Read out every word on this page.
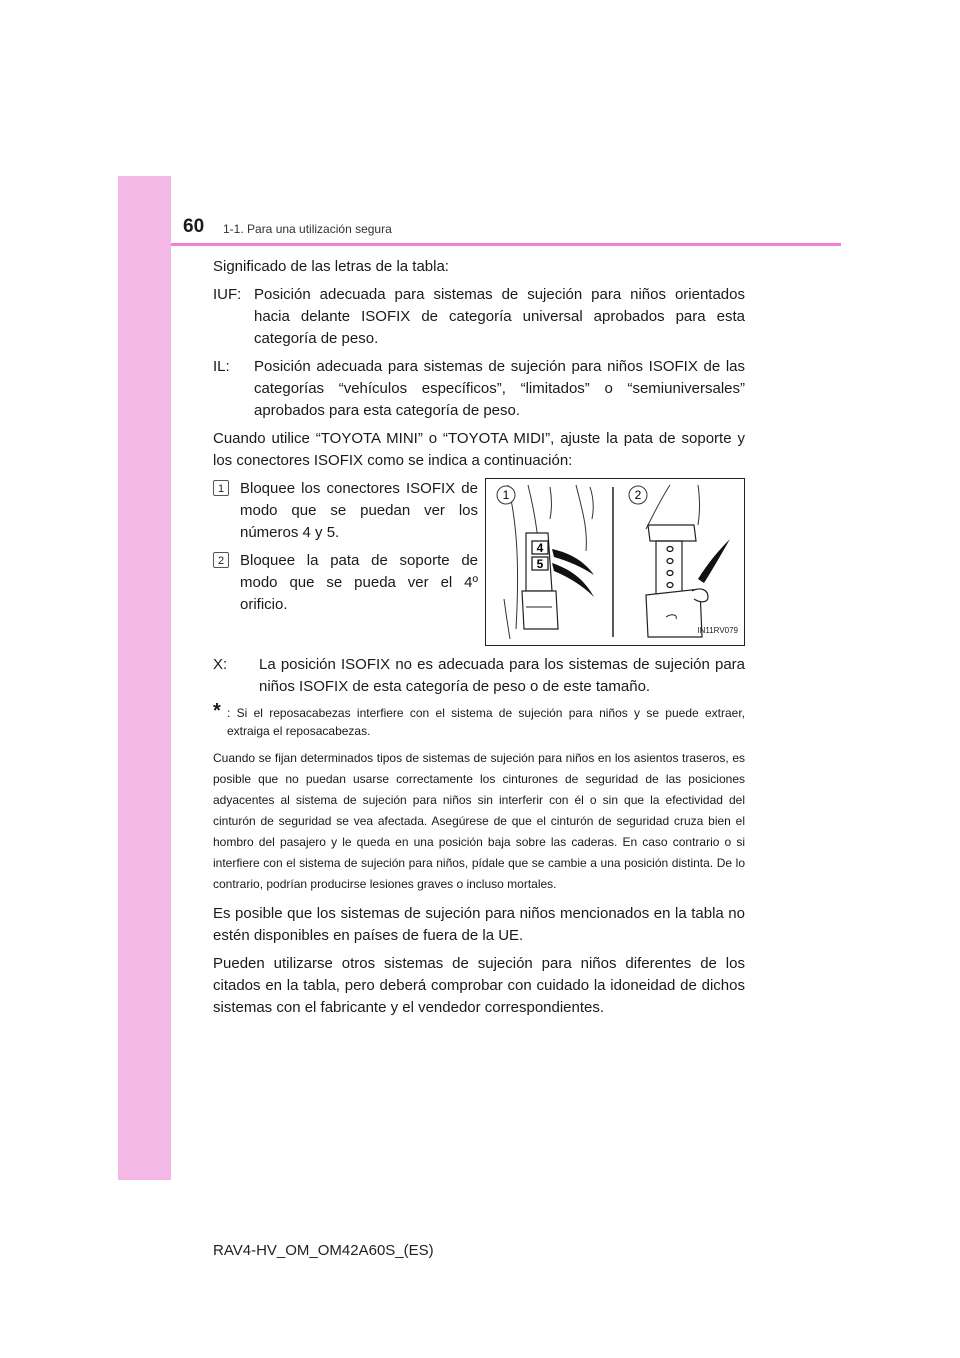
60 1-1. Para una utilización segura

Significado de las letras de la tabla:

IUF: Posición adecuada para sistemas de sujeción para niños orientados hacia delante ISOFIX de categoría universal aprobados para esta categoría de peso.
IL:	Posición adecuada para sistemas de sujeción para niños ISOFIX de las categorías “vehículos específicos”, “limitados” o “semiuniversales” aprobados para esta categoría de peso.

Cuando utilice “TOYOTA MINI” o “TOYOTA MIDI”, ajuste la pata de soporte y los conectores ISOFIX como se indica a continuación:

1	Bloquee los conectores ISOFIX de modo que se puedan ver los números 4 y 5.
2	Bloquee la pata de soporte de modo que se pueda ver el 4º orificio.
4
5
1	2
IN11RV079
X:	La posición ISOFIX no es adecuada para los sistemas de sujeción para niños ISOFIX de esta categoría de peso o de este tamaño.
* : Si el reposacabezas interfiere con el sistema de sujeción para niños y se puede extraer, extraiga el reposacabezas.

Cuando se fijan determinados tipos de sistemas de sujeción para niños en los asientos traseros, es posible que no puedan usarse correctamente los cinturones de seguridad de las posiciones adyacentes al sistema de sujeción para niños sin interferir con él o sin que la efectividad del cinturón de seguridad se vea afectada. Asegúrese de que el cinturón de seguridad cruza bien el hombro del pasajero y le queda en una posición baja sobre las caderas. En caso contrario o si interfiere con el sistema de sujeción para niños, pídale que se cambie a una posición distinta. De lo contrario, podrían producirse lesiones graves o incluso mortales.

Es posible que los sistemas de sujeción para niños mencionados en la tabla no estén disponibles en países de fuera de la UE.

Pueden utilizarse otros sistemas de sujeción para niños diferentes de los citados en la tabla, pero deberá comprobar con cuidado la idoneidad de dichos sistemas con el fabricante y el vendedor correspondientes.

RAV4-HV_OM_OM42A60S_(ES)
